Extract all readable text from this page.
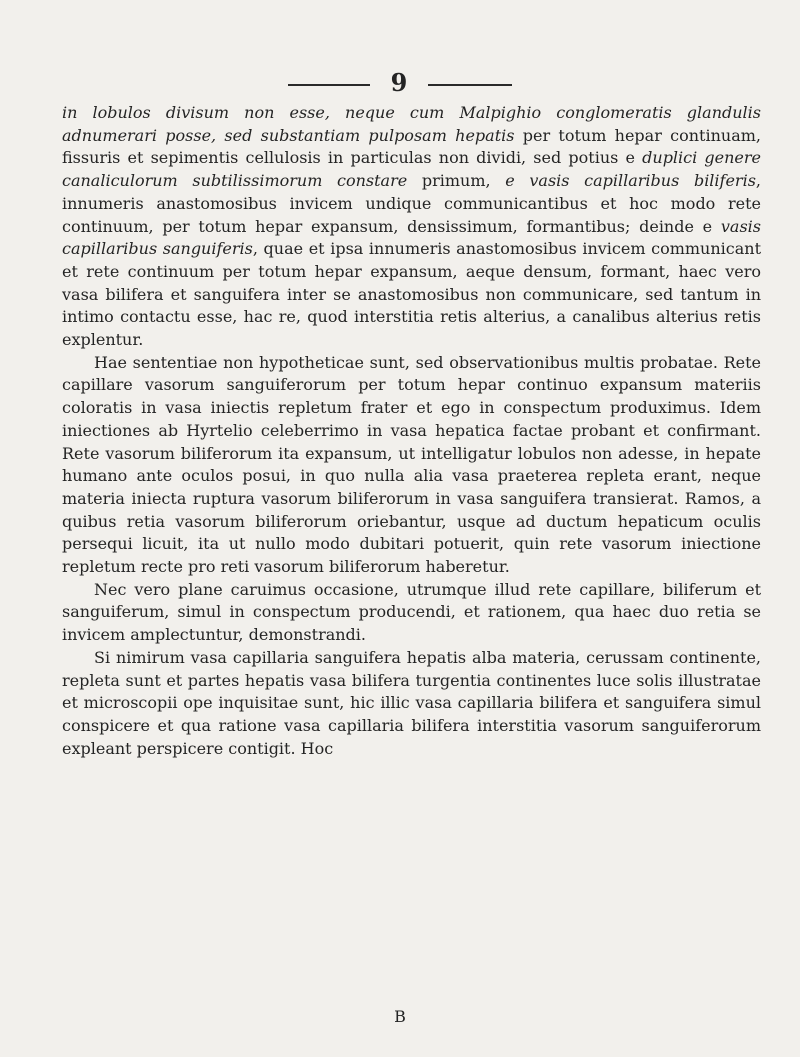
9

in lobulos divisum non esse, neque cum Malpighio conglomeratis glandulis adnumerari posse, sed substantiam pulposam hepatis per totum hepar continuam, fissuris et sepimentis cellulosis in particulas non dividi, sed potius e duplici genere canaliculorum subtilissimorum constare primum, e vasis capillaribus biliferis, innumeris anastomosibus invicem undique communicantibus et hoc modo rete continuum, per totum hepar expansum, densissimum, formantibus; deinde e vasis capillaribus sanguiferis, quae et ipsa innumeris anastomosibus invicem communicant et rete continuum per totum hepar expansum, aeque densum, formant, haec vero vasa bilifera et sanguifera inter se anastomosibus non communicare, sed tantum in intimo contactu esse, hac re, quod interstitia retis alterius, a canalibus alterius retis explentur.

Hae sententiae non hypotheticae sunt, sed observationibus multis probatae. Rete capillare vasorum sanguiferorum per totum hepar continuo expansum materiis coloratis in vasa iniectis repletum frater et ego in conspectum produximus. Idem iniectiones ab Hyrtelio celeberrimo in vasa hepatica factae probant et confirmant. Rete vasorum biliferorum ita expansum, ut intelligatur lobulos non adesse, in hepate humano ante oculos posui, in quo nulla alia vasa praeterea repleta erant, neque materia iniecta ruptura vasorum biliferorum in vasa sanguifera transierat. Ramos, a quibus retia vasorum biliferorum oriebantur, usque ad ductum hepaticum oculis persequi licuit, ita ut nullo modo dubitari potuerit, quin rete vasorum iniectione repletum recte pro reti vasorum biliferorum haberetur.

Nec vero plane caruimus occasione, utrumque illud rete capillare, biliferum et sanguiferum, simul in conspectum producendi, et rationem, qua haec duo retia se invicem amplectuntur, demonstrandi.

Si nimirum vasa capillaria sanguifera hepatis alba materia, cerussam continente, repleta sunt et partes hepatis vasa bilifera turgentia continentes luce solis illustratae et microscopii ope inquisitae sunt, hic illic vasa capillaria bilifera et sanguifera simul conspicere et qua ratione vasa capillaria bilifera interstitia vasorum sanguiferorum expleant perspicere contigit. Hoc

B
